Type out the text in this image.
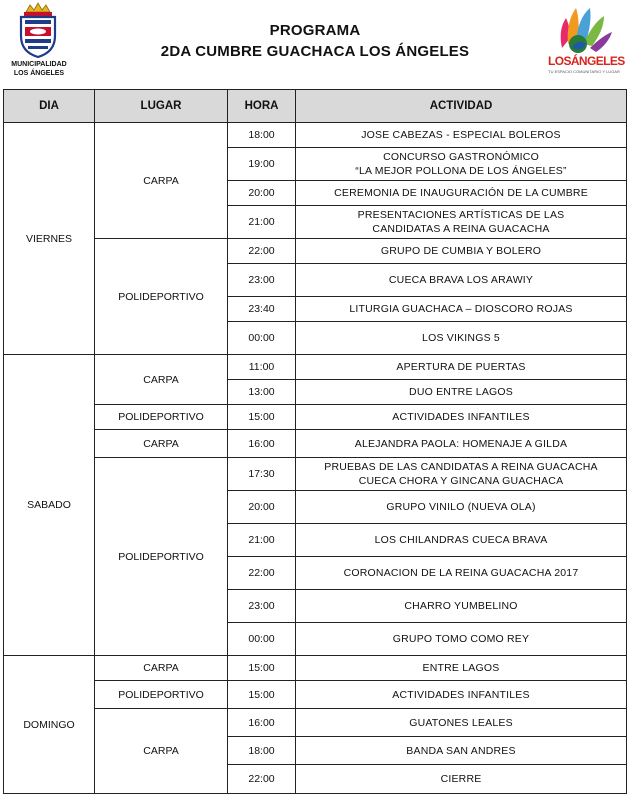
MUNICIPALIDAD
LOS ÁNGELES
PROGRAMA
2DA CUMBRE GUACHACA LOS ÁNGELES
LOSÁNGELES
TU ESPACIO COMUNITARIO Y LUGAR
DIA	LUGAR	HORA	ACTIVIDAD
VIERNES	CARPA	18:00	JOSE CABEZAS - ESPECIAL BOLEROS

		19:00	CONCURSO GASTRONÓMICO
“LA MEJOR POLLONA DE LOS ÁNGELES”

		20:00	CEREMONIA DE INAUGURACIÓN DE LA CUMBRE

		21:00	PRESENTACIONES ARTÍSTICAS DE LAS
CANDIDATAS A REINA GUACACHA

	POLIDEPORTIVO	22:00	GRUPO DE CUMBIA Y BOLERO

		23:00	CUECA BRAVA LOS ARAWIY

		23:40	LITURGIA GUACHACA – DIOSCORO ROJAS

		00:00	LOS VIKINGS 5

SABADO	CARPA	11:00	APERTURA DE PUERTAS

		13:00	DUO ENTRE LAGOS

	POLIDEPORTIVO	15:00	ACTIVIDADES INFANTILES

	CARPA	16:00	ALEJANDRA PAOLA: HOMENAJE A GILDA

	POLIDEPORTIVO	17:30	PRUEBAS DE LAS CANDIDATAS A REINA GUACACHA
CUECA CHORA Y GINCANA GUACHACA

		20:00	GRUPO VINILO (NUEVA OLA)

		21:00	LOS CHILANDRAS CUECA BRAVA

		22:00	CORONACION DE LA REINA GUACACHA 2017

		23:00	CHARRO YUMBELINO

		00:00	GRUPO TOMO COMO REY

DOMINGO	CARPA	15:00	ENTRE LAGOS

	POLIDEPORTIVO	15:00	ACTIVIDADES INFANTILES

	CARPA	16:00	GUATONES LEALES

		18:00	BANDA SAN ANDRES

		22:00	CIERRE
